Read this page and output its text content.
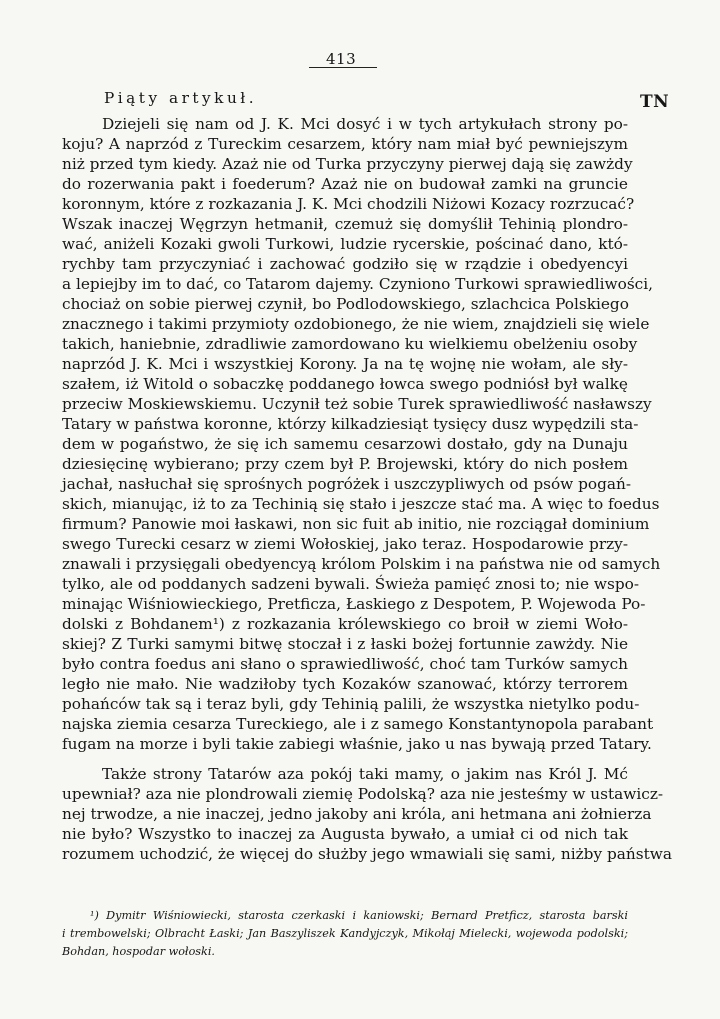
413
TN
Piąty artykuł.
Dziejeli się nam od J. K. Mci dosyć i w tych artykułach strony po-
koju? A naprzód z Tureckim cesarzem, który nam miał być pewniejszym
niż przed tym kiedy. Azaż nie od Turka przyczyny pierwej dają się zawżdy
do rozerwania pakt i foederum? Azaż nie on budował zamki na gruncie
koronnym, które z rozkazania J. K. Mci chodzili Niżowi Kozacy rozrzucać?
Wszak inaczej Węgrzyn hetmanił, czemuż się domyślił Tehinią plondro-
wać, aniżeli Kozaki gwoli Turkowi, ludzie rycerskie, pościnać dano, któ-
rychby tam przyczyniać i zachować godziło się w rządzie i obedyencyi
a lepiejby im to dać, co Tatarom dajemy. Czyniono Turkowi sprawiedliwości,
chociaż on sobie pierwej czynił, bo Podlodowskiego, szlachcica Polskiego
znacznego i takimi przymioty ozdobionego, że nie wiem, znajdzieli się wiele
takich, haniebnie, zdradliwie zamordowano ku wielkiemu obelżeniu osoby
naprzód J. K. Mci i wszystkiej Korony. Ja na tę wojnę nie wołam, ale sły-
szałem, iż Witold o sobaczkę poddanego łowca swego podniósł był walkę
przeciw Moskiewskiemu. Uczynił też sobie Turek sprawiedliwość nasławszy
Tatary w państwa koronne, którzy kilkadziesiąt tysięcy dusz wypędzili sta-
dem w pogaństwo, że się ich samemu cesarzowi dostało, gdy na Dunaju
dziesięcinę wybierano; przy czem był P. Brojewski, który do nich posłem
jachał, nasłuchał się sprośnych pogróżek i uszczypliwych od psów pogań-
skich, mianując, iż to za Techinią się stało i jeszcze stać ma. A więc to foedus
firmum? Panowie moi łaskawi, non sic fuit ab initio, nie rozciągał dominium
swego Turecki cesarz w ziemi Wołoskiej, jako teraz. Hospodarowie przy-
znawali i przysięgali obedyencyą królom Polskim i na państwa nie od samych
tylko, ale od poddanych sadzeni bywali. Świeża pamięć znosi to; nie wspo-
minając Wiśniowieckiego, Pretficza, Łaskiego z Despotem, P. Wojewoda Po-
dolski z Bohdanem¹) z rozkazania królewskiego co broił w ziemi Woło-
skiej? Z Turki samymi bitwę stoczał i z łaski bożej fortunnie zawżdy. Nie
było contra foedus ani słano o sprawiedliwość, choć tam Turków samych
legło nie mało. Nie wadziłoby tych Kozaków szanować, którzy terrorem
pohańców tak są i teraz byli, gdy Tehinią palili, że wszystka nietylko podu-
najska ziemia cesarza Tureckiego, ale i z samego Konstantynopola parabant
fugam na morze i byli takie zabiegi właśnie, jako u nas bywają przed Tatary.
Także strony Tatarów aza pokój taki mamy, o jakim nas Król J. Mć
upewniał? aza nie plondrowali ziemię Podolską? aza nie jesteśmy w ustawicz-
nej trwodze, a nie inaczej, jedno jakoby ani króla, ani hetmana ani żołnierza
nie było? Wszystko to inaczej za Augusta bywało, a umiał ci od nich tak
rozumem uchodzić, że więcej do służby jego wmawiali się sami, niżby państwa
¹) Dymitr Wiśniowiecki, starosta czerkaski i kaniowski; Bernard Pretficz, starosta barski
i trembowelski; Olbracht Łaski; Jan Baszyliszek Kandyjczyk, Mikołaj Mielecki, wojewoda podolski;
Bohdan, hospodar wołoski.
